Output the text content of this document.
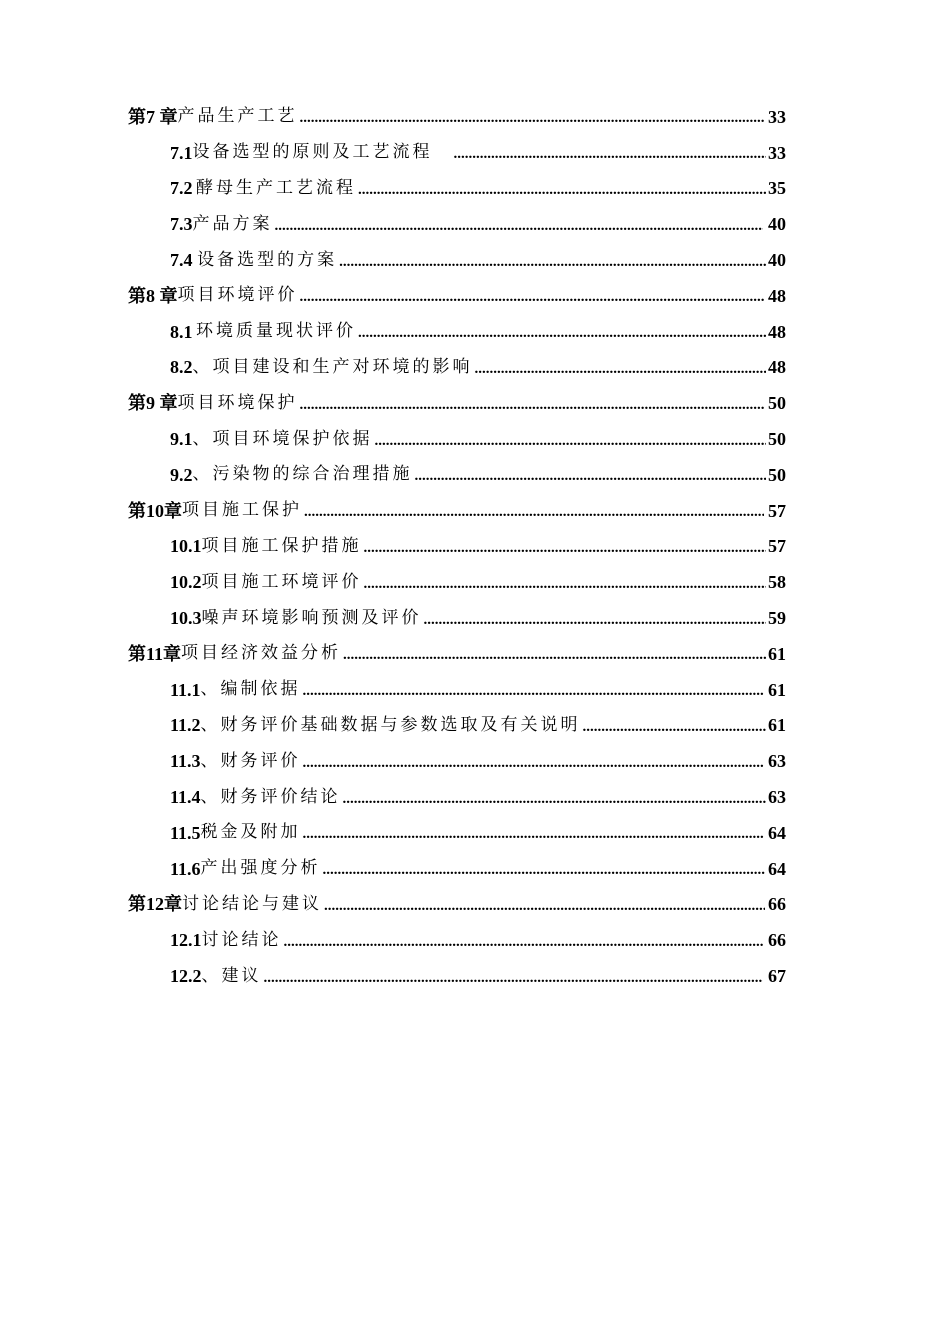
第7 章 产品生产工艺 .....	33
7.1 设备选型的原则及工艺流程 .....	33
7.2 酵母生产工艺流程 .....	35
7.3 产品方案 .....	40
7.4 设备选型的方案 .....	40
第8 章 项目环境评价 .....	48
8.1 环境质量现状评价 .....	48
8.2 、项目建设和生产对环境的影响 .....	48
第9 章 项目环境保护 .....	50
9.1 、项目环境保护依据 .....	50
9.2 、污染物的综合治理措施 .....	50
第10章 项目施工保护 .....	57
10.1 项目施工保护措施 .....	57
10.2 项目施工环境评价 .....	58
10.3 噪声环境影响预测及评价 .....	59
第11章 项目经济效益分析 .....	61
11.1 、编制依据 .....	61
11.2 、财务评价基础数据与参数选取及有关说明 .....	61
11.3 、财务评价 .....	63
11.4 、财务评价结论 .....	63
11.5 税金及附加 .....	64
11.6 产出强度分析 .....	64
第12章 讨论结论与建议 .....	66
12.1 讨论结论 .....	66
12.2 、建议 .....	67
